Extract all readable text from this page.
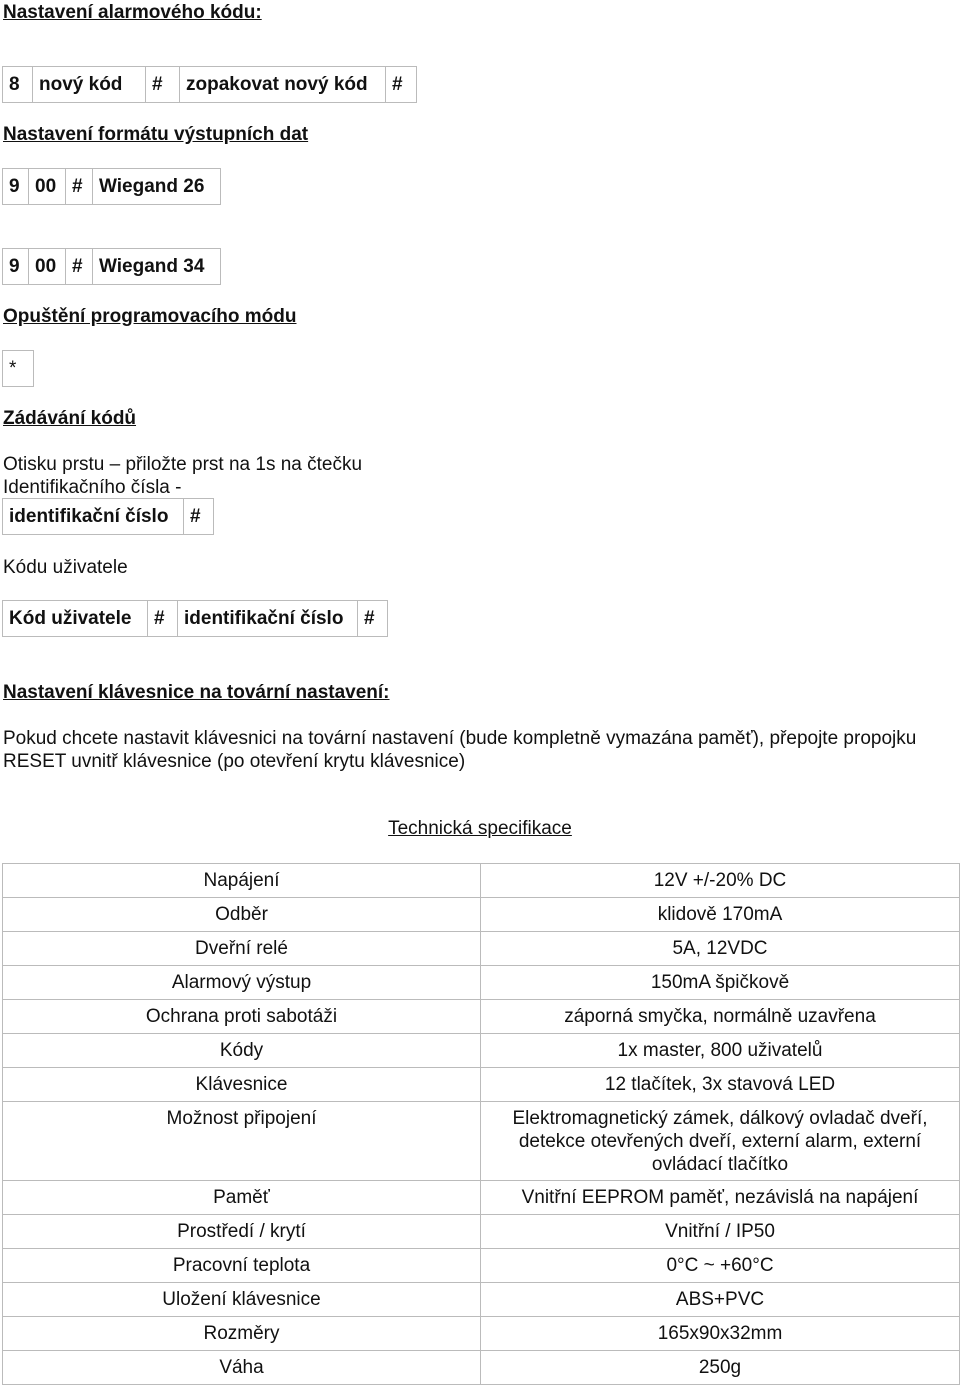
Nastavení alarmového kódu:
8	nový kód	#	zopakovat nový kód	#
Nastavení formátu výstupních dat
9 00 # Wiegand 26
9 00 # Wiegand 34
Opuštění programovacího módu
*
Zádávání kódů
Otisku prstu – přiložte prst na 1s na čtečku
Identifikačního čísla -
identifikační číslo	#
Kódu uživatele
Kód uživatele	#	identifikační číslo	#
Nastavení klávesnice na tovární nastavení:
Pokud chcete nastavit klávesnici na tovární nastavení (bude kompletně vymazána paměť), přepojte propojku
RESET uvnitř klávesnice (po otevření krytu klávesnice)
Technická specifikace
Napájení	12V +/-20% DC
Odběr	klidově 170mA
Dveřní relé	5A, 12VDC
Alarmový výstup	150mA špičkově
Ochrana proti sabotáži	záporná smyčka, normálně uzavřena
Kódy	1x master, 800 uživatelů
Klávesnice	12 tlačítek, 3x stavová LED
Možnost připojení	Elektromagnetický zámek, dálkový ovladač dveří, detekce otevřených dveří, externí alarm, externí ovládací tlačítko
Paměť	Vnitřní EEPROM paměť, nezávislá na napájení
Prostředí / krytí	Vnitřní / IP50
Pracovní teplota	0°C ~ +60°C
Uložení klávesnice	ABS+PVC
Rozměry	165x90x32mm
Váha	250g
